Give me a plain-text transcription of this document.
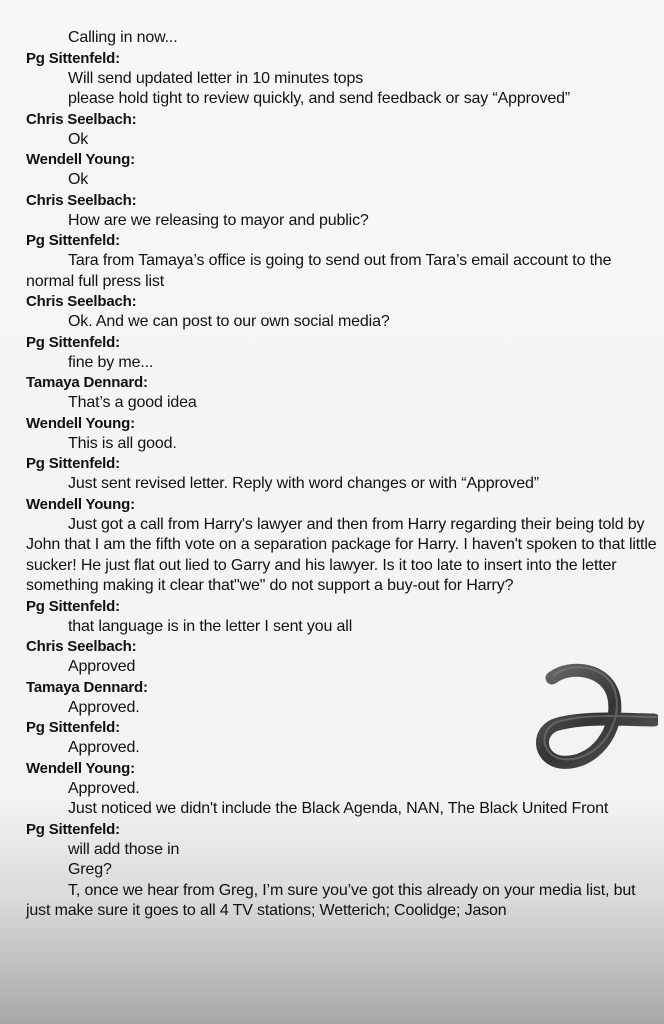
Calling in now...

Pg Sittenfeld:

Will send updated letter in 10 minutes tops

please hold tight to review quickly, and send feedback or say “Approved”

Chris Seelbach:

Ok

Wendell Young:

Ok

Chris Seelbach:

How are we releasing to mayor and public?

Pg Sittenfeld:

Tara from Tamaya’s office is going to send out from Tara’s email account to the normal full press list

Chris Seelbach:

Ok. And we can post to our own social media?

Pg Sittenfeld:

fine by me...

Tamaya Dennard:

That’s a good idea

Wendell Young:

This is all good.

Pg Sittenfeld:

Just sent revised letter. Reply with word changes or with “Approved”

Wendell Young:

Just got a call from Harry's lawyer and then from Harry regarding their being told by John that I am the fifth vote on a separation package for Harry. I haven't spoken to that little sucker! He just flat out lied to Garry and his lawyer. Is it too late to insert into the letter something making it clear that"we" do not support a buy-out for Harry?

Pg Sittenfeld:

that language is in the letter I sent you all

Chris Seelbach:

Approved

Tamaya Dennard:

Approved.

Pg Sittenfeld:

Approved.

Wendell Young:

Approved.

Just noticed we didn't include the Black Agenda, NAN, The Black United Front

Pg Sittenfeld:

will add those in

Greg?

T, once we hear from Greg, I’m sure you’ve got this already on your media list, but just make sure it goes to all 4 TV stations; Wetterich; Coolidge; Jason
